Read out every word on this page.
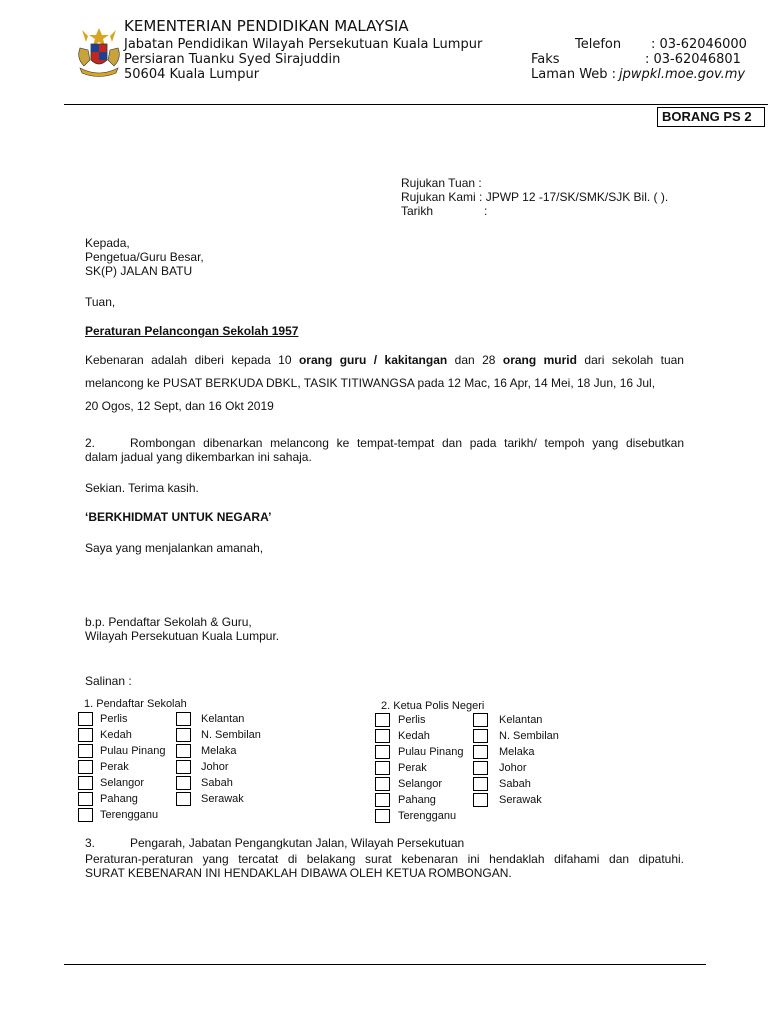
KEMENTERIAN PENDIDIKAN MALAYSIA
Jabatan Pendidikan Wilayah Persekutuan Kuala Lumpur
Persiaran Tuanku Syed Sirajuddin
50604 Kuala Lumpur
Telefon : 03-62046000
Faks	: 03-62046801
Laman Web : jpwpkl.moe.gov.my
BORANG PS 2
Rujukan Tuan :
Rujukan Kami : JPWP 12 -17/SK/SMK/SJK Bil. ( ).
Tarikh	:
Kepada,
Pengetua/Guru Besar,
SK(P) JALAN BATU
Tuan,
Peraturan Pelancongan Sekolah 1957
Kebenaran adalah diberi kepada 10 orang guru / kakitangan dan 28 orang murid dari sekolah tuan
melancong ke PUSAT BERKUDA DBKL, TASIK TITIWANGSA pada 12 Mac, 16 Apr, 14 Mei, 18 Jun, 16 Jul,
20 Ogos, 12 Sept, dan 16 Okt 2019
2.	Rombongan dibenarkan melancong ke tempat-tempat dan pada tarikh/ tempoh yang disebutkan
dalam jadual yang dikembarkan ini sahaja.
Sekian. Terima kasih.
‘BERKHIDMAT UNTUK NEGARA’
Saya yang menjalankan amanah,
b.p. Pendaftar Sekolah & Guru,
Wilayah Persekutuan Kuala Lumpur.
Salinan :
1. Pendaftar Sekolah	2. Ketua Polis Negeri
Perlis
Kedah
Pulau Pinang
Perak
Selangor
Pahang
Terengganu
Kelantan
N. Sembilan
Melaka
Johor
Sabah
Serawak
Perlis
Kedah
Pulau Pinang
Perak
Selangor
Pahang
Terengganu
Kelantan
N. Sembilan
Melaka
Johor
Sabah
Serawak
3.	Pengarah, Jabatan Pengangkutan Jalan, Wilayah Persekutuan
Peraturan-peraturan yang tercatat di belakang surat kebenaran ini hendaklah difahami dan dipatuhi.
SURAT KEBENARAN INI HENDAKLAH DIBAWA OLEH KETUA ROMBONGAN.
